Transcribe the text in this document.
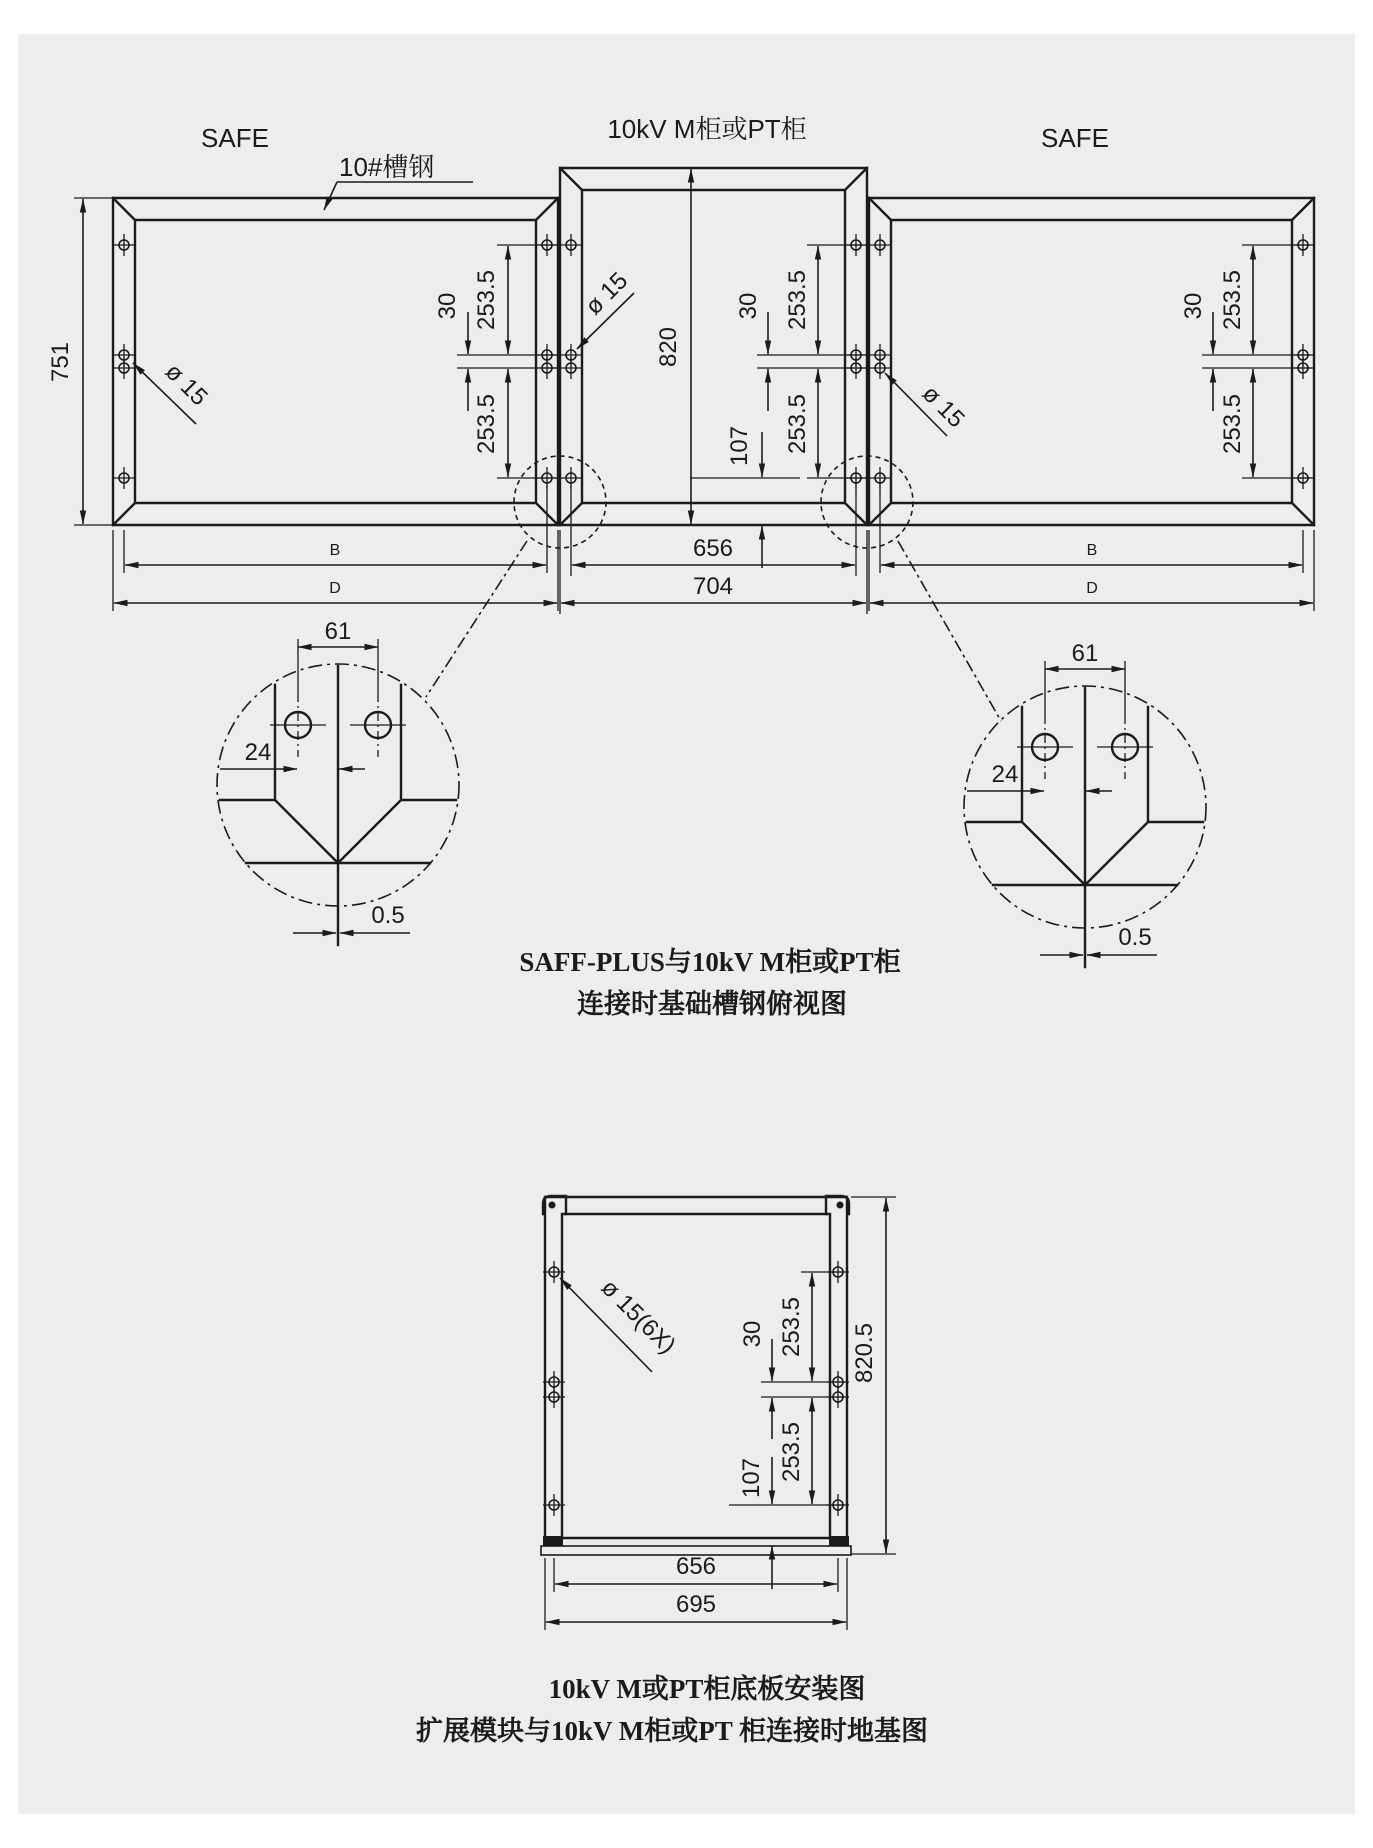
0.5	SAFE	10kV M柜或PT柜	SAFE
10#槽钢
751	820
107
253.5
30
253.5
253.5
30
253.5
253.5
30
253.5
ø 15
ø 15
ø 15
B
D
656
704
B
D
SAFF-PLUS与10kV M柜或PT柜
连接时基础槽钢俯视图
ø 15(6X)	253.5
30
253.5
107
820.5
656
695
10kV M或PT柜底板安装图
扩展模块与10kV M柜或PT 柜连接时地基图
